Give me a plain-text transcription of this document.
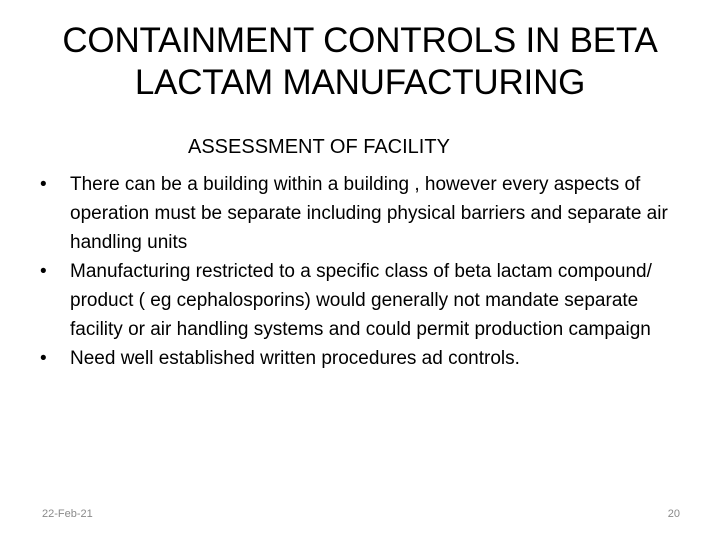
CONTAINMENT CONTROLS IN BETA LACTAM MANUFACTURING
ASSESSMENT OF FACILITY
• There can be a building within a building , however every aspects of operation must be separate including physical barriers and separate air handling units
• Manufacturing restricted to a specific class of beta lactam compound/ product ( eg cephalosporins) would generally not mandate separate facility or air handling systems and could permit production campaign
• Need well established written procedures ad controls.
22-Feb-21	20
